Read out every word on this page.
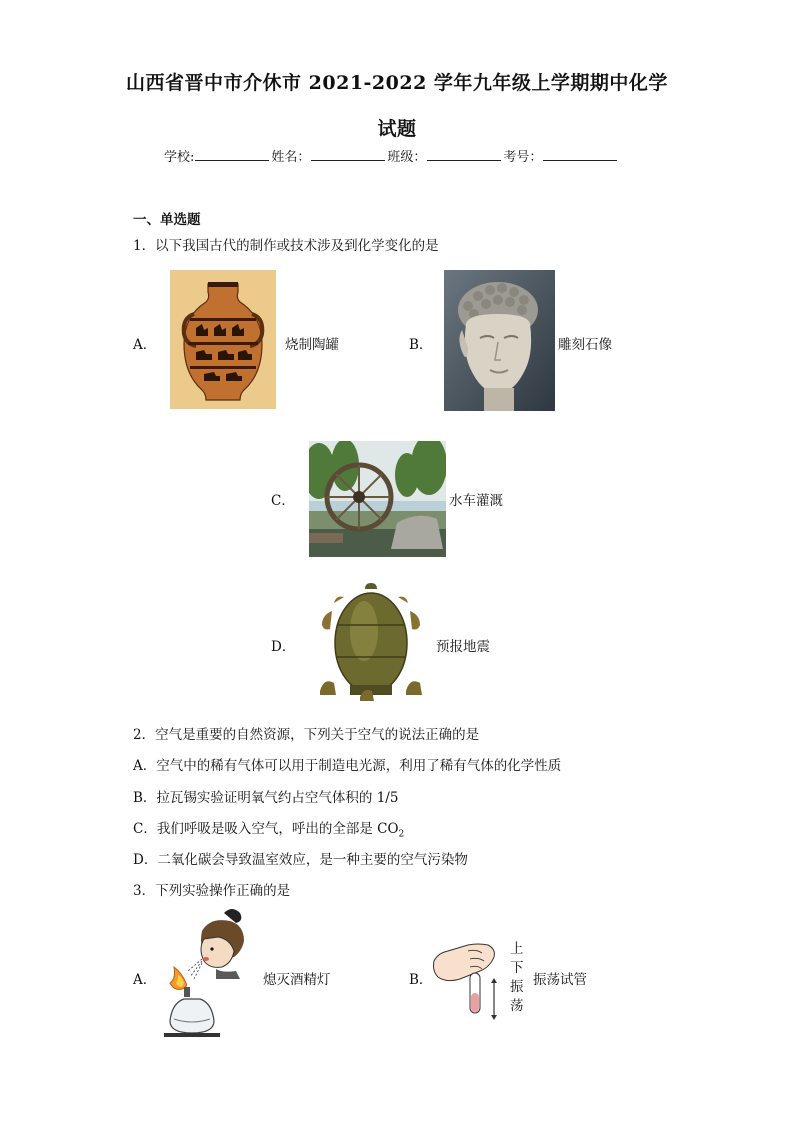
山西省晋中市介休市 2021-2022 学年九年级上学期期中化学
试题
学校:	姓名：	班级：	考号：
一、单选题
1．以下我国古代的制作或技术涉及到化学变化的是
A．	烧制陶罐	B．	雕刻石像
C．	水车灌溉
D．	预报地震
2．空气是重要的自然资源，下列关于空气的说法正确的是
A．空气中的稀有气体可以用于制造电光源，利用了稀有气体的化学性质
B．拉瓦锡实验证明氧气约占空气体积的 1/5
C．我们呼吸是吸入空气，呼出的全部是 $CO_2$
D．二氧化碳会导致温室效应，是一种主要的空气污染物
3．下列实验操作正确的是
A．	熄灭酒精灯	B．
上
下
振
荡
振荡试管
